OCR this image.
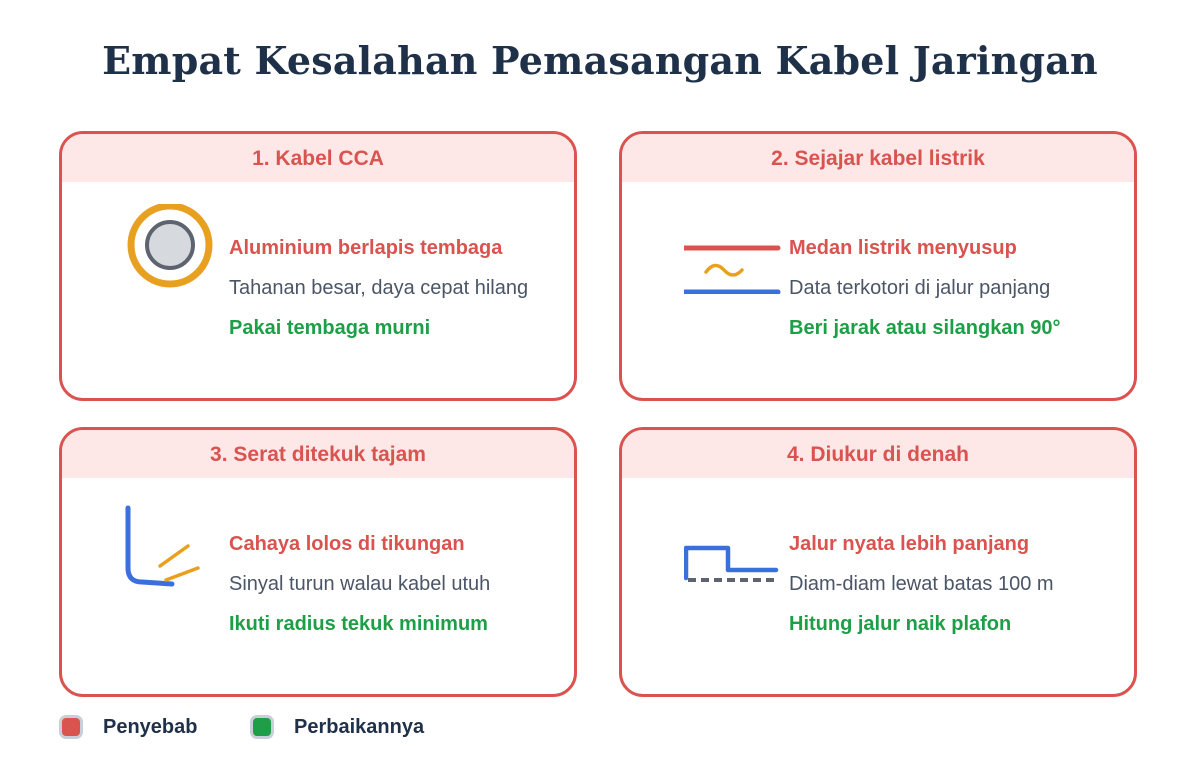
Empat Kesalahan Pemasangan Kabel Jaringan
1. Kabel CCA
Aluminium berlapis tembaga
Tahanan besar, daya cepat hilang
Pakai tembaga murni
2. Sejajar kabel listrik
Medan listrik menyusup
Data terkotori di jalur panjang
Beri jarak atau silangkan 90°
3. Serat ditekuk tajam
Cahaya lolos di tikungan
Sinyal turun walau kabel utuh
Ikuti radius tekuk minimum
4. Diukur di denah
Jalur nyata lebih panjang
Diam-diam lewat batas 100 m
Hitung jalur naik plafon
Penyebab	Perbaikannya
